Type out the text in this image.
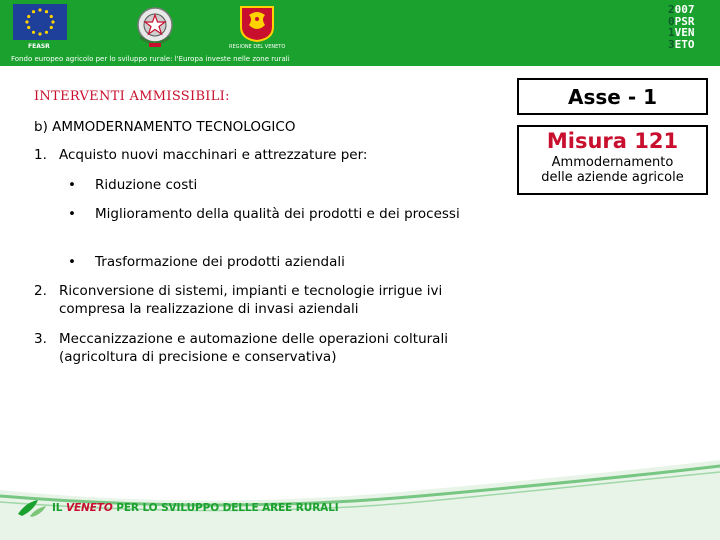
FEASR	REGIONE DEL VENETO
Fondo europeo agricolo per lo sviluppo rurale: l'Europa investe nelle zone rurali
2007
0PSR
1VEN
3ETO

INTERVENTI AMMISSIBILI:

b) AMMODERNAMENTO TECNOLOGICO

1. Acquisto nuovi macchinari e attrezzature per:
• Riduzione costi
• Miglioramento della qualità dei prodotti e dei processi
• Trasformazione dei prodotti aziendali
2. Riconversione di sistemi, impianti e tecnologie irrigue ivi compresa la realizzazione di invasi aziendali
3. Meccanizzazione e automazione delle operazioni colturali (agricoltura di precisione e conservativa)
Asse - 1
Misura 121
Ammodernamento
delle aziende agricole
IL VENETO PER LO SVILUPPO DELLE AREE RURALI
